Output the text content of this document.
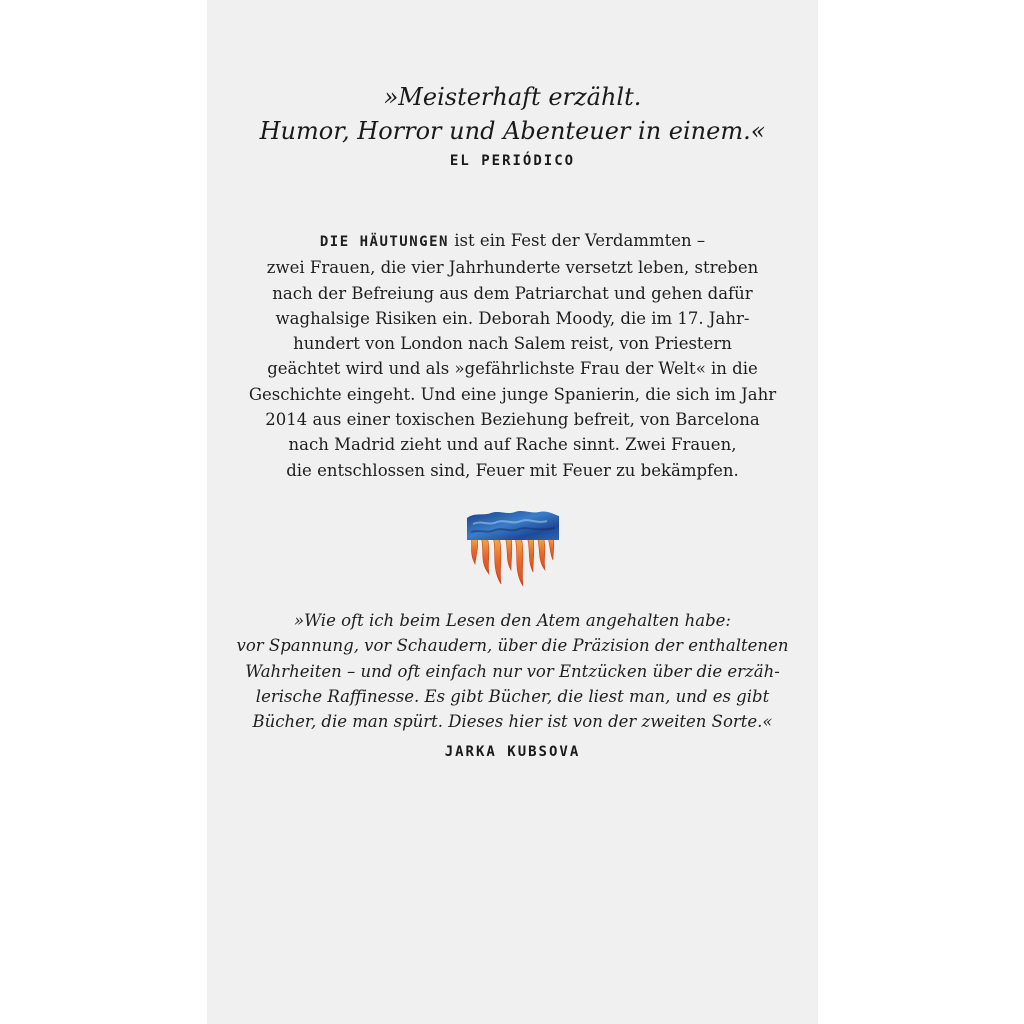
»Meisterhaft erzählt.
Humor, Horror und Abenteuer in einem.«
EL PERIÓDICO
DIE HÄUTUNGEN ist ein Fest der Verdammten –
zwei Frauen, die vier Jahrhunderte versetzt leben, streben
nach der Befreiung aus dem Patriarchat und gehen dafür
waghalsige Risiken ein. Deborah Moody, die im 17. Jahr-
hundert von London nach Salem reist, von Priestern
geächtet wird und als »gefährlichste Frau der Welt« in die
Geschichte eingeht. Und eine junge Spanierin, die sich im Jahr
2014 aus einer toxischen Beziehung befreit, von Barcelona
nach Madrid zieht und auf Rache sinnt. Zwei Frauen,
die entschlossen sind, Feuer mit Feuer zu bekämpfen.
»Wie oft ich beim Lesen den Atem angehalten habe:
vor Spannung, vor Schaudern, über die Präzision der enthaltenen
Wahrheiten – und oft einfach nur vor Entzücken über die erzäh-
lerische Raffinesse. Es gibt Bücher, die liest man, und es gibt
Bücher, die man spürt. Dieses hier ist von der zweiten Sorte.«
JARKA KUBSOVA
